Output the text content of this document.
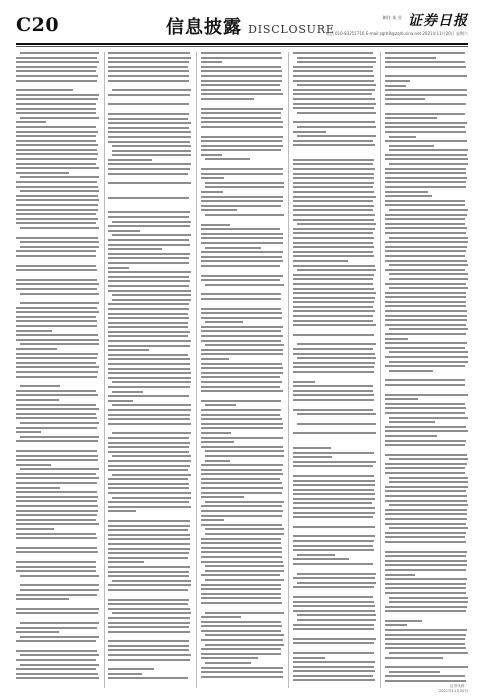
C20	信息披露 DISCLOSURE
制作 朱 昱 证券日报
电话 010-83251716 E-mail:zqrb9@zqrb.sina.net 2021年11月20日 星期六
证券代码：
2021年11月20日
